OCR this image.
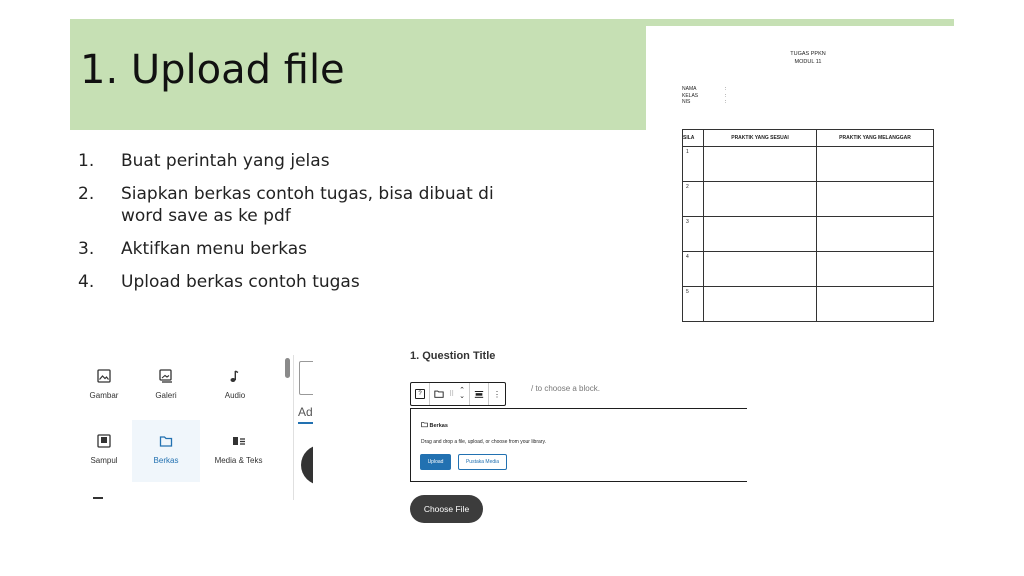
1. Upload file
1.	Buat perintah yang jelas
2.	Siapkan berkas contoh tugas, bisa dibuat di word save as ke pdf
3.	Aktifkan menu berkas
4.	Upload berkas contoh tugas
TUGAS PPKN
MODUL 11
NAMA	:
KELAS	:
NIS	:
SILA	PRAKTIK YANG SESUAI	PRAKTIK YANG MELANGGAR
1		
2		
3		
4		
5		
Gambar	Galeri	Audio
Sampul	Berkas	Media & Teks
Ad
1. Question Title
?	⠿
⌃
⌄	⋮
/ to choose a block.
Berkas
Drag and drop a file, upload, or choose from your library.
Upload	Pustaka Media
Choose File
